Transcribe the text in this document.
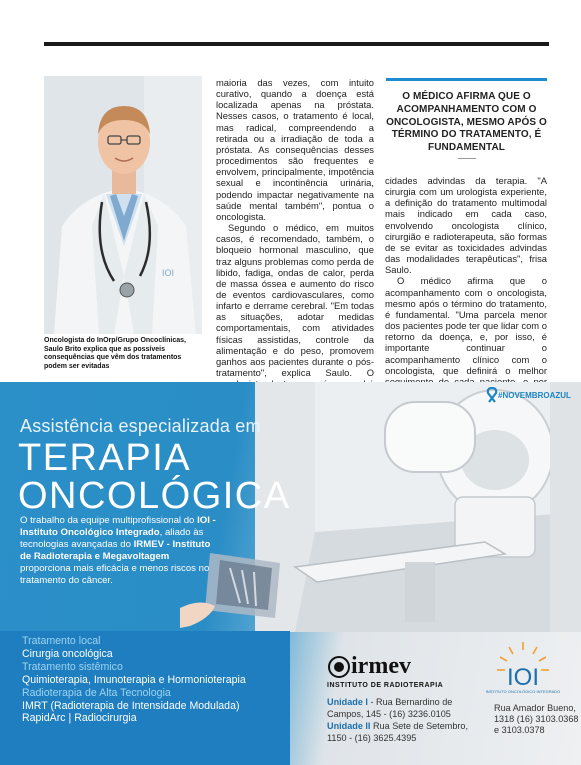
IOI
Oncologista do InOrp/Grupo Oncoclínicas, Saulo Brito explica que as possíveis consequências que vêm dos tratamentos podem ser evitadas

maioria das vezes, com intuito curativo, quando a doença está localizada apenas na próstata. Nesses casos, o tratamento é local, mas radical, compreendendo a retirada ou a irradiação de toda a próstata. As consequências desses procedimentos são frequentes e envolvem, principalmente, impotência sexual e incontinência urinária, podendo impactar negativamente na saúde mental também", pontua o oncologista.

Segundo o médico, em muitos casos, é recomendado, também, o bloqueio hormonal masculino, que traz alguns problemas como perda de libido, fadiga, ondas de calor, perda de massa óssea e aumento do risco de eventos cardiovasculares, como infarto e derrame cerebral. "Em todas as situações, adotar medidas comportamentais, com atividades físicas assistidas, controle da alimentação e do peso, promovem ganhos aos pacientes durante o pós-tratamento", explica Saulo. O

O MÉDICO AFIRMA QUE O ACOMPANHAMENTO COM O ONCOLOGISTA, MESMO APÓS O TÉRMINO DO TRATAMENTO, É FUNDAMENTAL

cidades advindas da terapia. "A cirurgia com um urologista experiente, a definição do tratamento multimodal mais indicado em cada caso, envolvendo oncologista clínico, cirurgião e radioterapeuta, são formas de se evitar as toxicidades advindas das modalidades terapêuticas", frisa Saulo.

O médico afirma que o acompanhamento com o oncologista, mesmo após o término do tratamento, é fundamental. "Uma parcela menor dos pacientes pode ter que lidar com o retorno da doença, e, por isso, é importante continuar o acompanhamento clínico com o oncologista, que definirá o melhor

#NOVEMBROAZUL
Assistência especializada em
TERAPIA
ONCOLÓGICA
O trabalho da equipe multiprofissional do IOI - Instituto Oncológico Integrado, aliado às tecnologias avançadas do IRMEV - Instituto de Radioterapia e Megavoltagem proporciona mais eficácia e menos riscos no tratamento do câncer.
Tratamento local
Cirurgia oncológica
Tratamento sistêmico
Quimioterapia, Imunoterapia e Hormonioterapia
Radioterapia de Alta Tecnologia
IMRT (Radioterapia de Intensidade Modulada)
RapidArc | Radiocirurgia
irmev
INSTITUTO DE RADIOTERAPIA
Unidade I - Rua Bernardino de Campos, 145 - (16) 3236.0105
Unidade II Rua Sete de Setembro, 1150 - (16) 3625.4395
IOI
INSTITUTO ONCOLÓGICO INTEGRADO
Rua Amador Bueno, 1318 (16) 3103.0368 e 3103.0378
